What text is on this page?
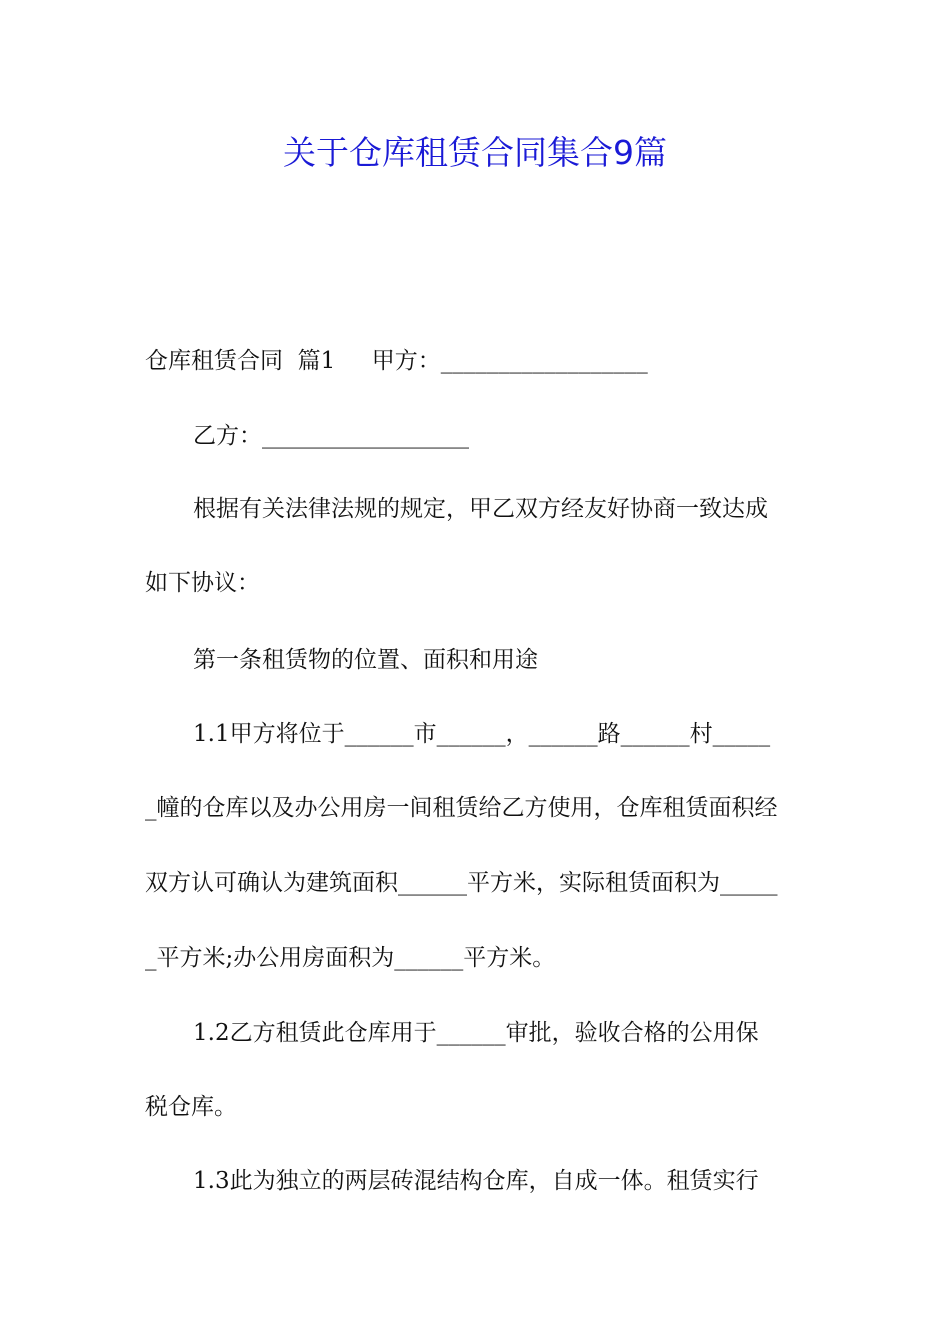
关于仓库租赁合同集合9篇
仓库租赁合同  篇1     甲方：__________________
乙方：__________________
根据有关法律法规的规定，甲乙双方经友好协商一致达成
如下协议：
第一条租赁物的位置、面积和用途
1.1甲方将位于______市______，______路______村_____
_幢的仓库以及办公用房一间租赁给乙方使用，仓库租赁面积经
双方认可确认为建筑面积______平方米，实际租赁面积为_____
_平方米;办公用房面积为______平方米。
1.2乙方租赁此仓库用于______审批，验收合格的公用保
税仓库。
1.3此为独立的两层砖混结构仓库，自成一体。租赁实行
